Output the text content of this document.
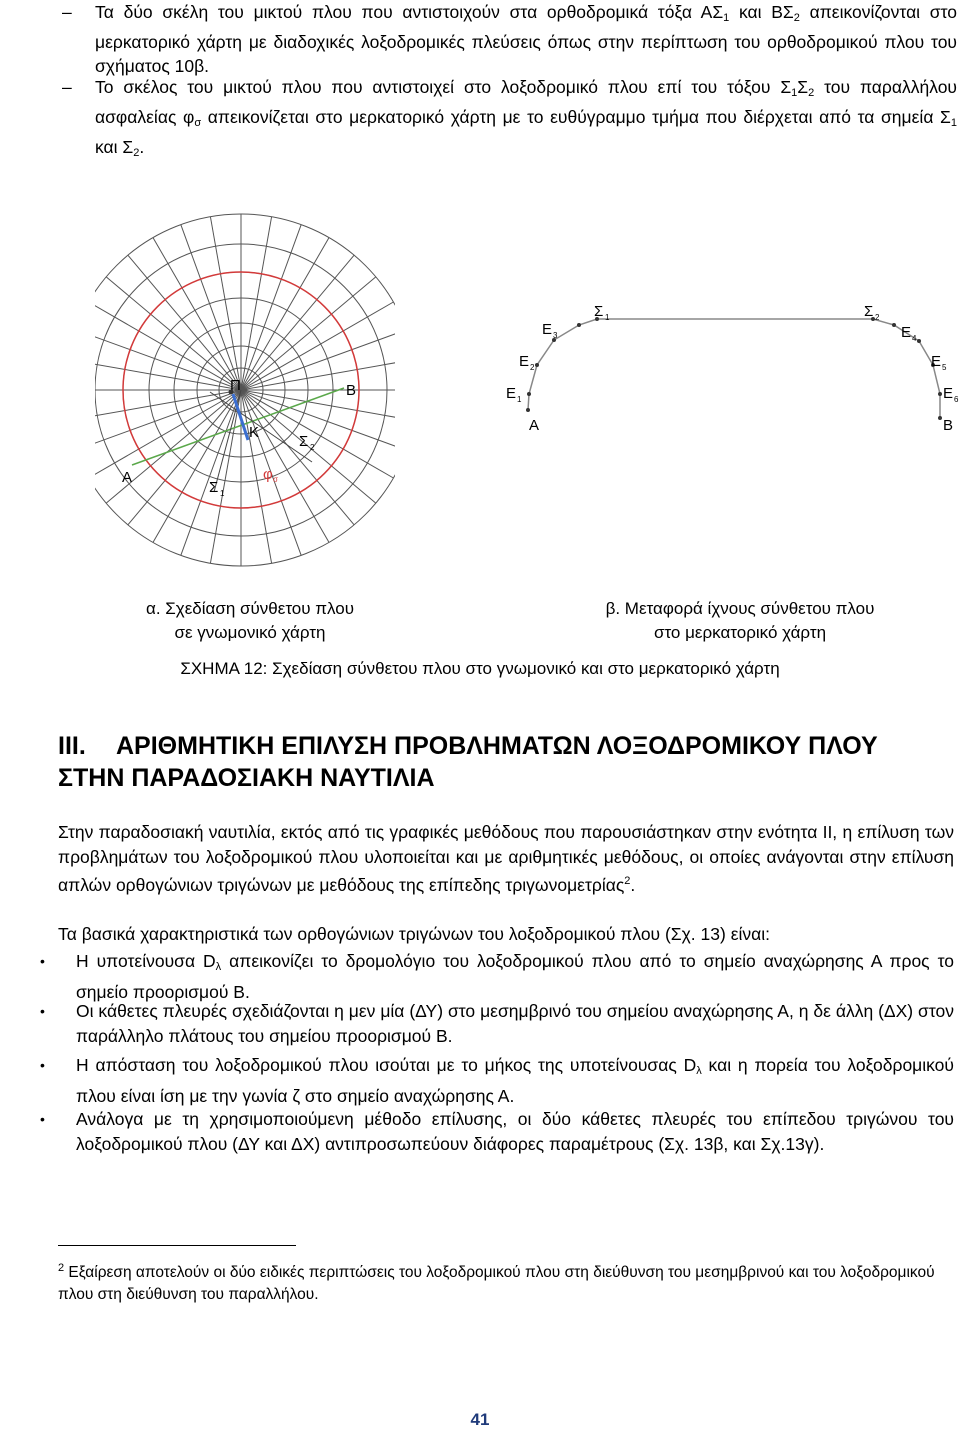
– Τα δύο σκέλη του μικτού πλου που αντιστοιχούν στα ορθοδρομικά τόξα $A\Sigma_1$ και $B\Sigma_2$ απεικονίζονται στο μερκατορικό χάρτη με διαδοχικές λοξοδρομικές πλεύσεις όπως στην περίπτωση του ορθοδρομικού πλου του σχήματος 10β.
– Το σκέλος του μικτού πλου που αντιστοιχεί στο λοξοδρομικό πλου επί του τόξου $\Sigma_1\Sigma_2$ του παραλλήλου ασφαλείας $\varphi_\sigma$ απεικονίζεται στο μερκατορικό χάρτη με το ευθύγραμμο τμήμα που διέρχεται από τα σημεία $\Sigma_1$ και $\Sigma_2$.
Π	Β
Κ
Σ 2
Α
Σ 1
φ σ
Σ 1	Σ 2
Ε 3	Ε 4
Ε 2	Ε 5
Ε 1	Ε 6
Α	Β
α. Σχεδίαση σύνθετου πλου
σε γνωμονικό χάρτη
β. Μεταφορά ίχνους σύνθετου πλου
στο μερκατορικό χάρτη
ΣΧΗΜΑ 12: Σχεδίαση σύνθετου πλου στο γνωμονικό και στο μερκατορικό χάρτη
ΙΙΙ. ΑΡΙΘΜΗΤΙΚΗ ΕΠΙΛΥΣΗ ΠΡΟΒΛΗΜΑΤΩΝ ΛΟΞΟΔΡΟΜΙΚΟΥ ΠΛΟΥ
ΣΤΗΝ ΠΑΡΑΔΟΣΙΑΚΗ ΝΑΥΤΙΛΙΑ
Στην παραδοσιακή ναυτιλία, εκτός από τις γραφικές μεθόδους που παρουσιάστηκαν στην ενότητα ΙΙ, η επίλυση των προβλημάτων του λοξοδρομικού πλου υλοποιείται και με αριθμητικές μεθόδους, οι οποίες ανάγονται στην επίλυση απλών ορθογώνιων τριγώνων με μεθόδους της επίπεδης τριγωνομετρίας$^2$.
Τα βασικά χαρακτηριστικά των ορθογώνιων τριγώνων του λοξοδρομικού πλου (Σχ. 13) είναι:
• Η υποτείνουσα $D_\lambda$ απεικονίζει το δρομολόγιο του λοξοδρομικού πλου από το σημείο αναχώρησης Α προς το σημείο προορισμού Β.
• Οι κάθετες πλευρές σχεδιάζονται η μεν μία (ΔΥ) στο μεσημβρινό του σημείου αναχώρησης Α, η δε άλλη (ΔΧ) στον παράλληλο πλάτους του σημείου προορισμού Β.
• Η απόσταση του λοξοδρομικού πλου ισούται με το μήκος της υποτείνουσας $D_\lambda$ και η πορεία του λοξοδρομικού πλου είναι ίση με την γωνία ζ στο σημείο αναχώρησης Α.
• Ανάλογα με τη χρησιμοποιούμενη μέθοδο επίλυσης, οι δύο κάθετες πλευρές του επίπεδου τριγώνου του λοξοδρομικού πλου (ΔΥ και ΔΧ) αντιπροσωπεύουν διάφορες παραμέτρους (Σχ. 13β, και Σχ.13γ).
$^2$ Εξαίρεση αποτελούν οι δύο ειδικές περιπτώσεις του λοξοδρομικού πλου στη διεύθυνση του μεσημβρινού και του λοξοδρομικού πλου στη διεύθυνση του παραλλήλου.
41
